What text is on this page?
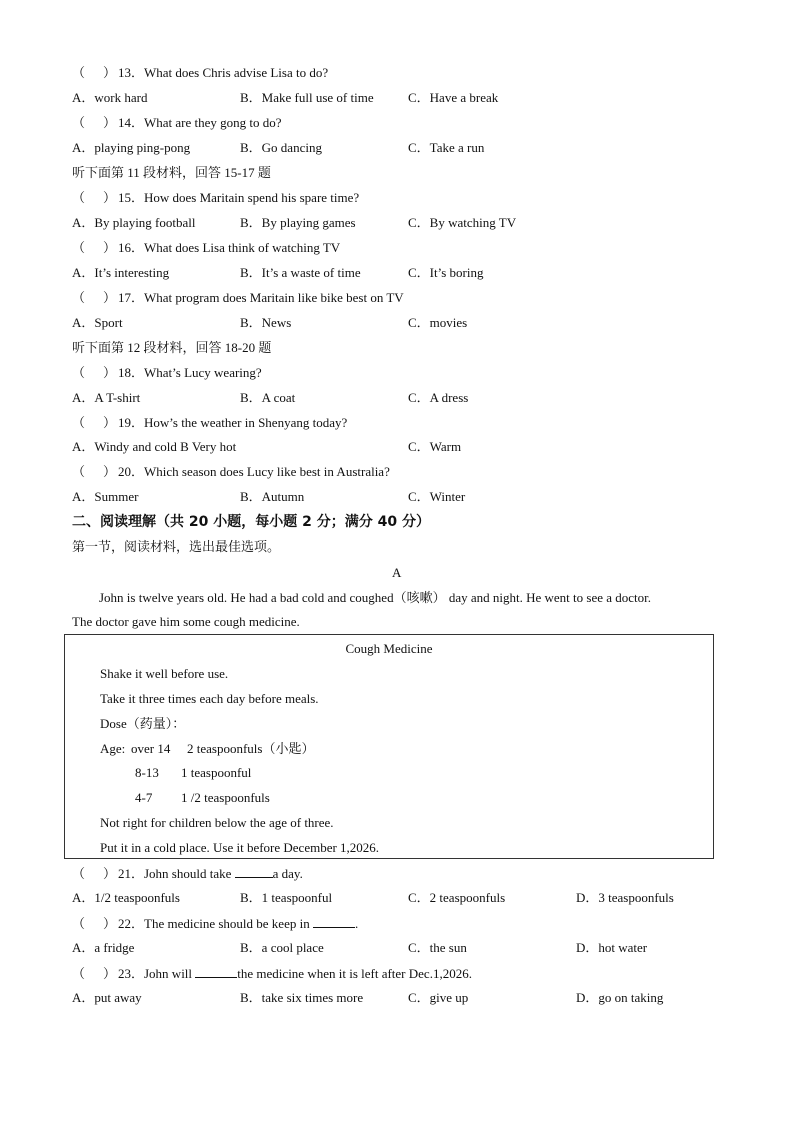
（ ）13．What does Chris advise Lisa to do?
A．work hard	B．Make full use of time	C．Have a break
（ ）14．What are they gong to do?
A．playing ping-pong	B．Go dancing	C．Take a run
听下面第 11 段材料，回答 15-17 题
（ ）15．How does Maritain spend his spare time?
A．By playing football	B．By playing games	C．By watching TV
（ ）16．What does Lisa think of watching TV
A．It’s interesting	B．It’s a waste of time	C．It’s boring
（ ）17．What program does Maritain like bike best on TV
A．Sport	B．News	C．movies
听下面第 12 段材料，回答 18-20 题
（ ）18．What’s Lucy wearing?
A．A T-shirt	B．A coat	C．A dress
（ ）19．How’s the weather in Shenyang today?
A．Windy and cold B Very hot	C．Warm
（ ）20．Which season does Lucy like best in Australia?
A．Summer	B．Autumn	C．Winter
二、阅读理解（共 20 小题，每小题 2 分；满分 40 分）
第一节，阅读材料，选出最佳选项。
A
John is twelve years old. He had a bad cold and coughed（咳嗽） day and night. He went to see a doctor.
The doctor gave him some cough medicine.
Cough Medicine
Shake it well before use.
Take it three times each day before meals.
Dose（药量）：
Age: over 14 2 teaspoonfuls（小匙）
8-13 1 teaspoonful
4-7 1 /2 teaspoonfuls
Not right for children below the age of three.
Put it in a cold place. Use it before December 1,2026.
（ ）21．John should take	a day.
A．1/2 teaspoonfuls	B．1 teaspoonful	C．2 teaspoonfuls	D．3 teaspoonfuls
（ ）22．The medicine should be keep in	.
A．a fridge	B．a cool place	C．the sun	D．hot water
（ ）23．John will	the medicine when it is left after Dec.1,2026.
A．put away	B．take six times more	C．give up	D．go on taking
